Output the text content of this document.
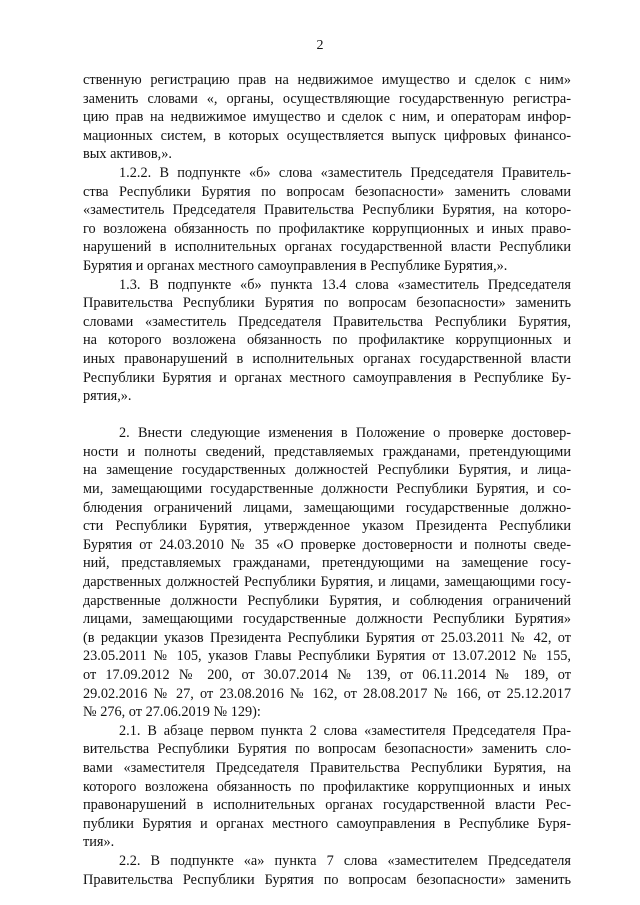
2
ственную регистрацию прав на недвижимое имущество и сделок с ним»
заменить словами «, органы, осуществляющие государственную регистра-
цию прав на недвижимое имущество и сделок с ним, и операторам инфор-
мационных систем, в которых осуществляется выпуск цифровых финансо-
вых активов,».
1.2.2. В подпункте «б» слова «заместитель Председателя Правитель-
ства Республики Бурятия по вопросам безопасности» заменить словами
«заместитель Председателя Правительства Республики Бурятия, на которо-
го возложена обязанность по профилактике коррупционных и иных право-
нарушений в исполнительных органах государственной власти Республики
Бурятия и органах местного самоуправления в Республике Бурятия,».
1.3. В подпункте «б» пункта 13.4 слова «заместитель Председателя
Правительства Республики Бурятия по вопросам безопасности» заменить
словами «заместитель Председателя Правительства Республики Бурятия,
на которого возложена обязанность по профилактике коррупционных и
иных правонарушений в исполнительных органах государственной власти
Республики Бурятия и органах местного самоуправления в Республике Бу-
рятия,».
2. Внести следующие изменения в Положение о проверке достовер-
ности и полноты сведений, представляемых гражданами, претендующими
на замещение государственных должностей Республики Бурятия, и лица-
ми, замещающими государственные должности Республики Бурятия, и со-
блюдения ограничений лицами, замещающими государственные должно-
сти Республики Бурятия, утвержденное указом Президента Республики
Бурятия от 24.03.2010 № 35 «О проверке достоверности и полноты сведе-
ний, представляемых гражданами, претендующими на замещение госу-
дарственных должностей Республики Бурятия, и лицами, замещающими госу-
дарственные должности Республики Бурятия, и соблюдения ограничений
лицами, замещающими государственные должности Республики Бурятия»
(в редакции указов Президента Республики Бурятия от 25.03.2011 № 42, от
23.05.2011 № 105, указов Главы Республики Бурятия от 13.07.2012 № 155,
от 17.09.2012 № 200, от 30.07.2014 № 139, от 06.11.2014 № 189, от
29.02.2016 № 27, от 23.08.2016 № 162, от 28.08.2017 № 166, от 25.12.2017
№ 276, от 27.06.2019 № 129):
2.1. В абзаце первом пункта 2 слова «заместителя Председателя Пра-
вительства Республики Бурятия по вопросам безопасности» заменить сло-
вами «заместителя Председателя Правительства Республики Бурятия, на
которого возложена обязанность по профилактике коррупционных и иных
правонарушений в исполнительных органах государственной власти Рес-
публики Бурятия и органах местного самоуправления в Республике Буря-
тия».
2.2. В подпункте «а» пункта 7 слова «заместителем Председателя
Правительства Республики Бурятия по вопросам безопасности» заменить
